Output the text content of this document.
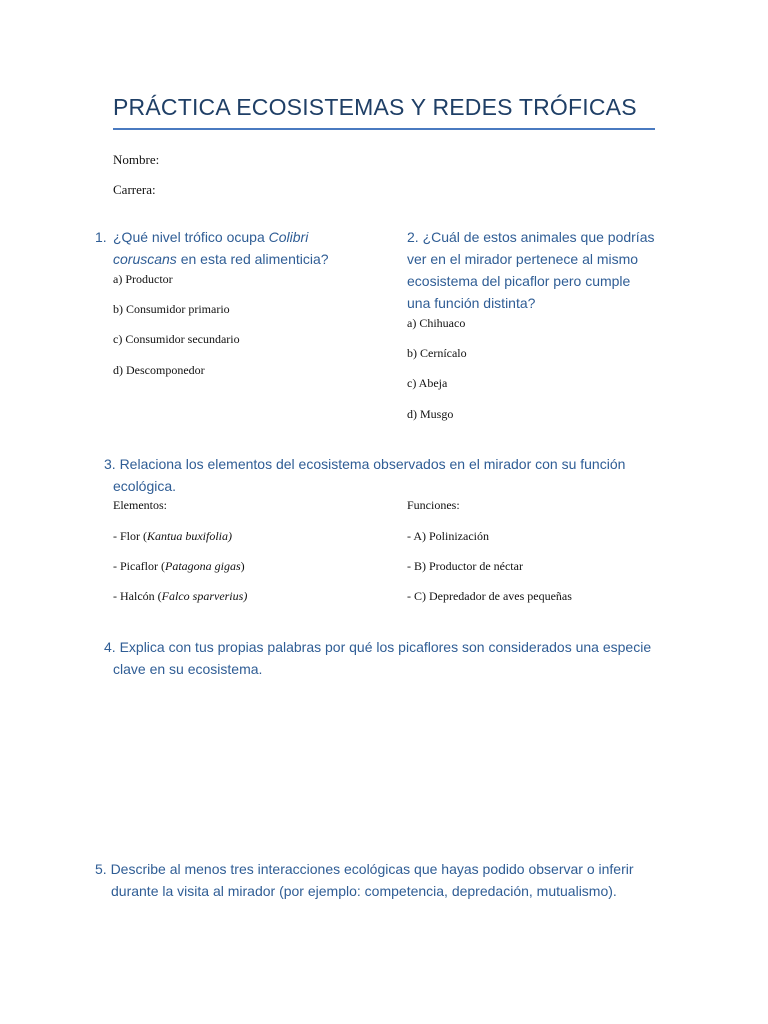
PRÁCTICA ECOSISTEMAS Y REDES TRÓFICAS

Nombre:

Carrera:

1. ¿Qué nivel trófico ocupa Colibri
coruscans en esta red alimenticia?

a) Productor

b) Consumidor primario

c) Consumidor secundario

d) Descomponedor

2. ¿Cuál de estos animales que podrías

ver en el mirador pertenece al mismo

ecosistema del picaflor pero cumple

una función distinta?

a) Chihuaco

b) Cernícalo

c) Abeja

d) Musgo

3. Relaciona los elementos del ecosistema observados en el mirador con su función

ecológica.

Elementos:	Funciones:

- Flor (Kantua buxifolia)

- Picaflor (Patagona gigas)

- Halcón (Falco sparverius)

- A) Polinización

- B) Productor de néctar

- C) Depredador de aves pequeñas

4. Explica con tus propias palabras por qué los picaflores son considerados una especie

clave en su ecosistema.

5. Describe al menos tres interacciones ecológicas que hayas podido observar o inferir

durante la visita al mirador (por ejemplo: competencia, depredación, mutualismo).
